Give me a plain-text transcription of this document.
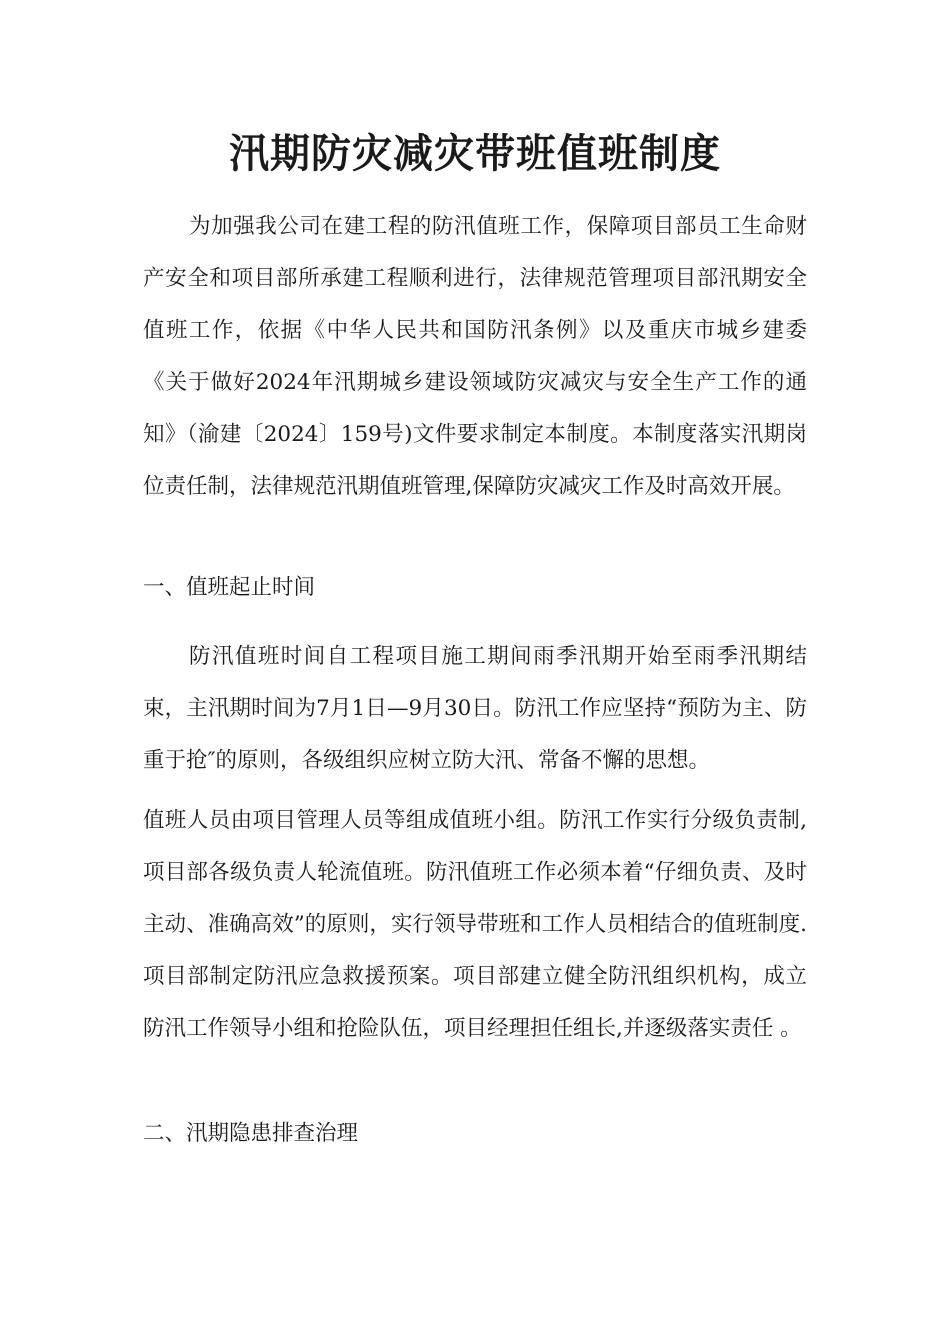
汛期防灾减灾带班值班制度

为加强我公司在建工程的防汛值班工作，保障项目部员工生命财产安全和项目部所承建工程顺利进行，法律规范管理项目部汛期安全值班工作，依据《中华人民共和国防汛条例》以及重庆市城乡建委《关于做好2024年汛期城乡建设领域防灾减灾与安全生产工作的通知》（渝建〔2024〕159号)文件要求制定本制度。本制度落实汛期岗位责任制，法律规范汛期值班管理,保障防灾减灾工作及时高效开展。

一、值班起止时间

防汛值班时间自工程项目施工期间雨季汛期开始至雨季汛期结束，主汛期时间为7月1日—9月30日。防汛工作应坚持“预防为主、防重于抢″的原则，各级组织应树立防大汛、常备不懈的思想。

值班人员由项目管理人员等组成值班小组。防汛工作实行分级负责制,项目部各级负责人轮流值班。防汛值班工作必须本着“仔细负责、及时主动、准确高效”的原则，实行领导带班和工作人员相结合的值班制度.项目部制定防汛应急救援预案。项目部建立健全防汛组织机构，成立防汛工作领导小组和抢险队伍，项目经理担任组长,并逐级落实责任 。

二、汛期隐患排查治理
